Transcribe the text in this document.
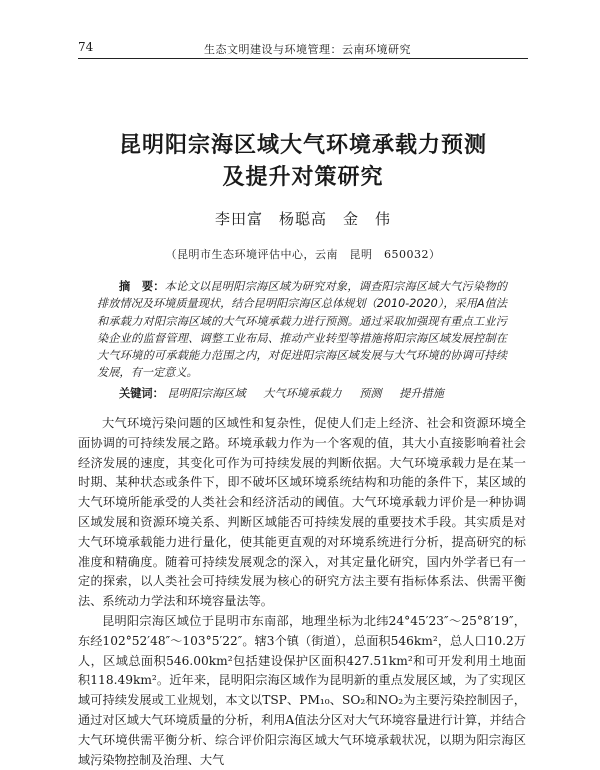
74	生态文明建设与环境管理：云南环境研究
昆明阳宗海区域大气环境承载力预测
及提升对策研究
李田富　杨聪高　金　伟
（昆明市生态环境评估中心，云南　昆明　650032）
摘　要：本论文以昆明阳宗海区域为研究对象，调查阳宗海区域大气污染物的排放情况及环境质量现状，结合昆明阳宗海区总体规划（2010-2020），采用A值法和承载力对阳宗海区域的大气环境承载力进行预测。通过采取加强现有重点工业污染企业的监督管理、调整工业布局、推动产业转型等措施将阳宗海区域发展控制在大气环境的可承载能力范围之内，对促进阳宗海区域发展与大气环境的协调可持续发展，有一定意义。
关键词： 昆明阳宗海区域 大气环境承载力 预测 提升措施

大气环境污染问题的区域性和复杂性，促使人们走上经济、社会和资源环境全面协调的可持续发展之路。环境承载力作为一个客观的值，其大小直接影响着社会经济发展的速度，其变化可作为可持续发展的判断依据。大气环境承载力是在某一时期、某种状态或条件下，即不破坏区域环境系统结构和功能的条件下，某区域的大气环境所能承受的人类社会和经济活动的阈值。大气环境承载力评价是一种协调区域发展和资源环境关系、判断区域能否可持续发展的重要技术手段。其实质是对大气环境承载能力进行量化，使其能更直观的对环境系统进行分析，提高研究的标准度和精确度。随着可持续发展观念的深入，对其定量化研究，国内外学者已有一定的探索，以人类社会可持续发展为核心的研究方法主要有指标体系法、供需平衡法、系统动力学法和环境容量法等。

昆明阳宗海区域位于昆明市东南部，地理坐标为北纬24°45′23″～25°8′19″，东经102°52′48″～103°5′22″。辖3个镇（街道），总面积546km²，总人口10.2万人，区域总面积546.00km²包括建设保护区面积427.51km²和可开发利用土地面积118.49km²。近年来，昆明阳宗海区域作为昆明新的重点发展区域，为了实现区域可持续发展或工业规划，本文以TSP、PM₁₀、SO₂和NO₂为主要污染控制因子，通过对区域大气环境质量的分析，利用A值法分区对大气环境容量进行计算，并结合大气环境供需平衡分析、综合评价阳宗海区域大气环境承载状况，以期为阳宗海区域污染物控制及治理、大气
